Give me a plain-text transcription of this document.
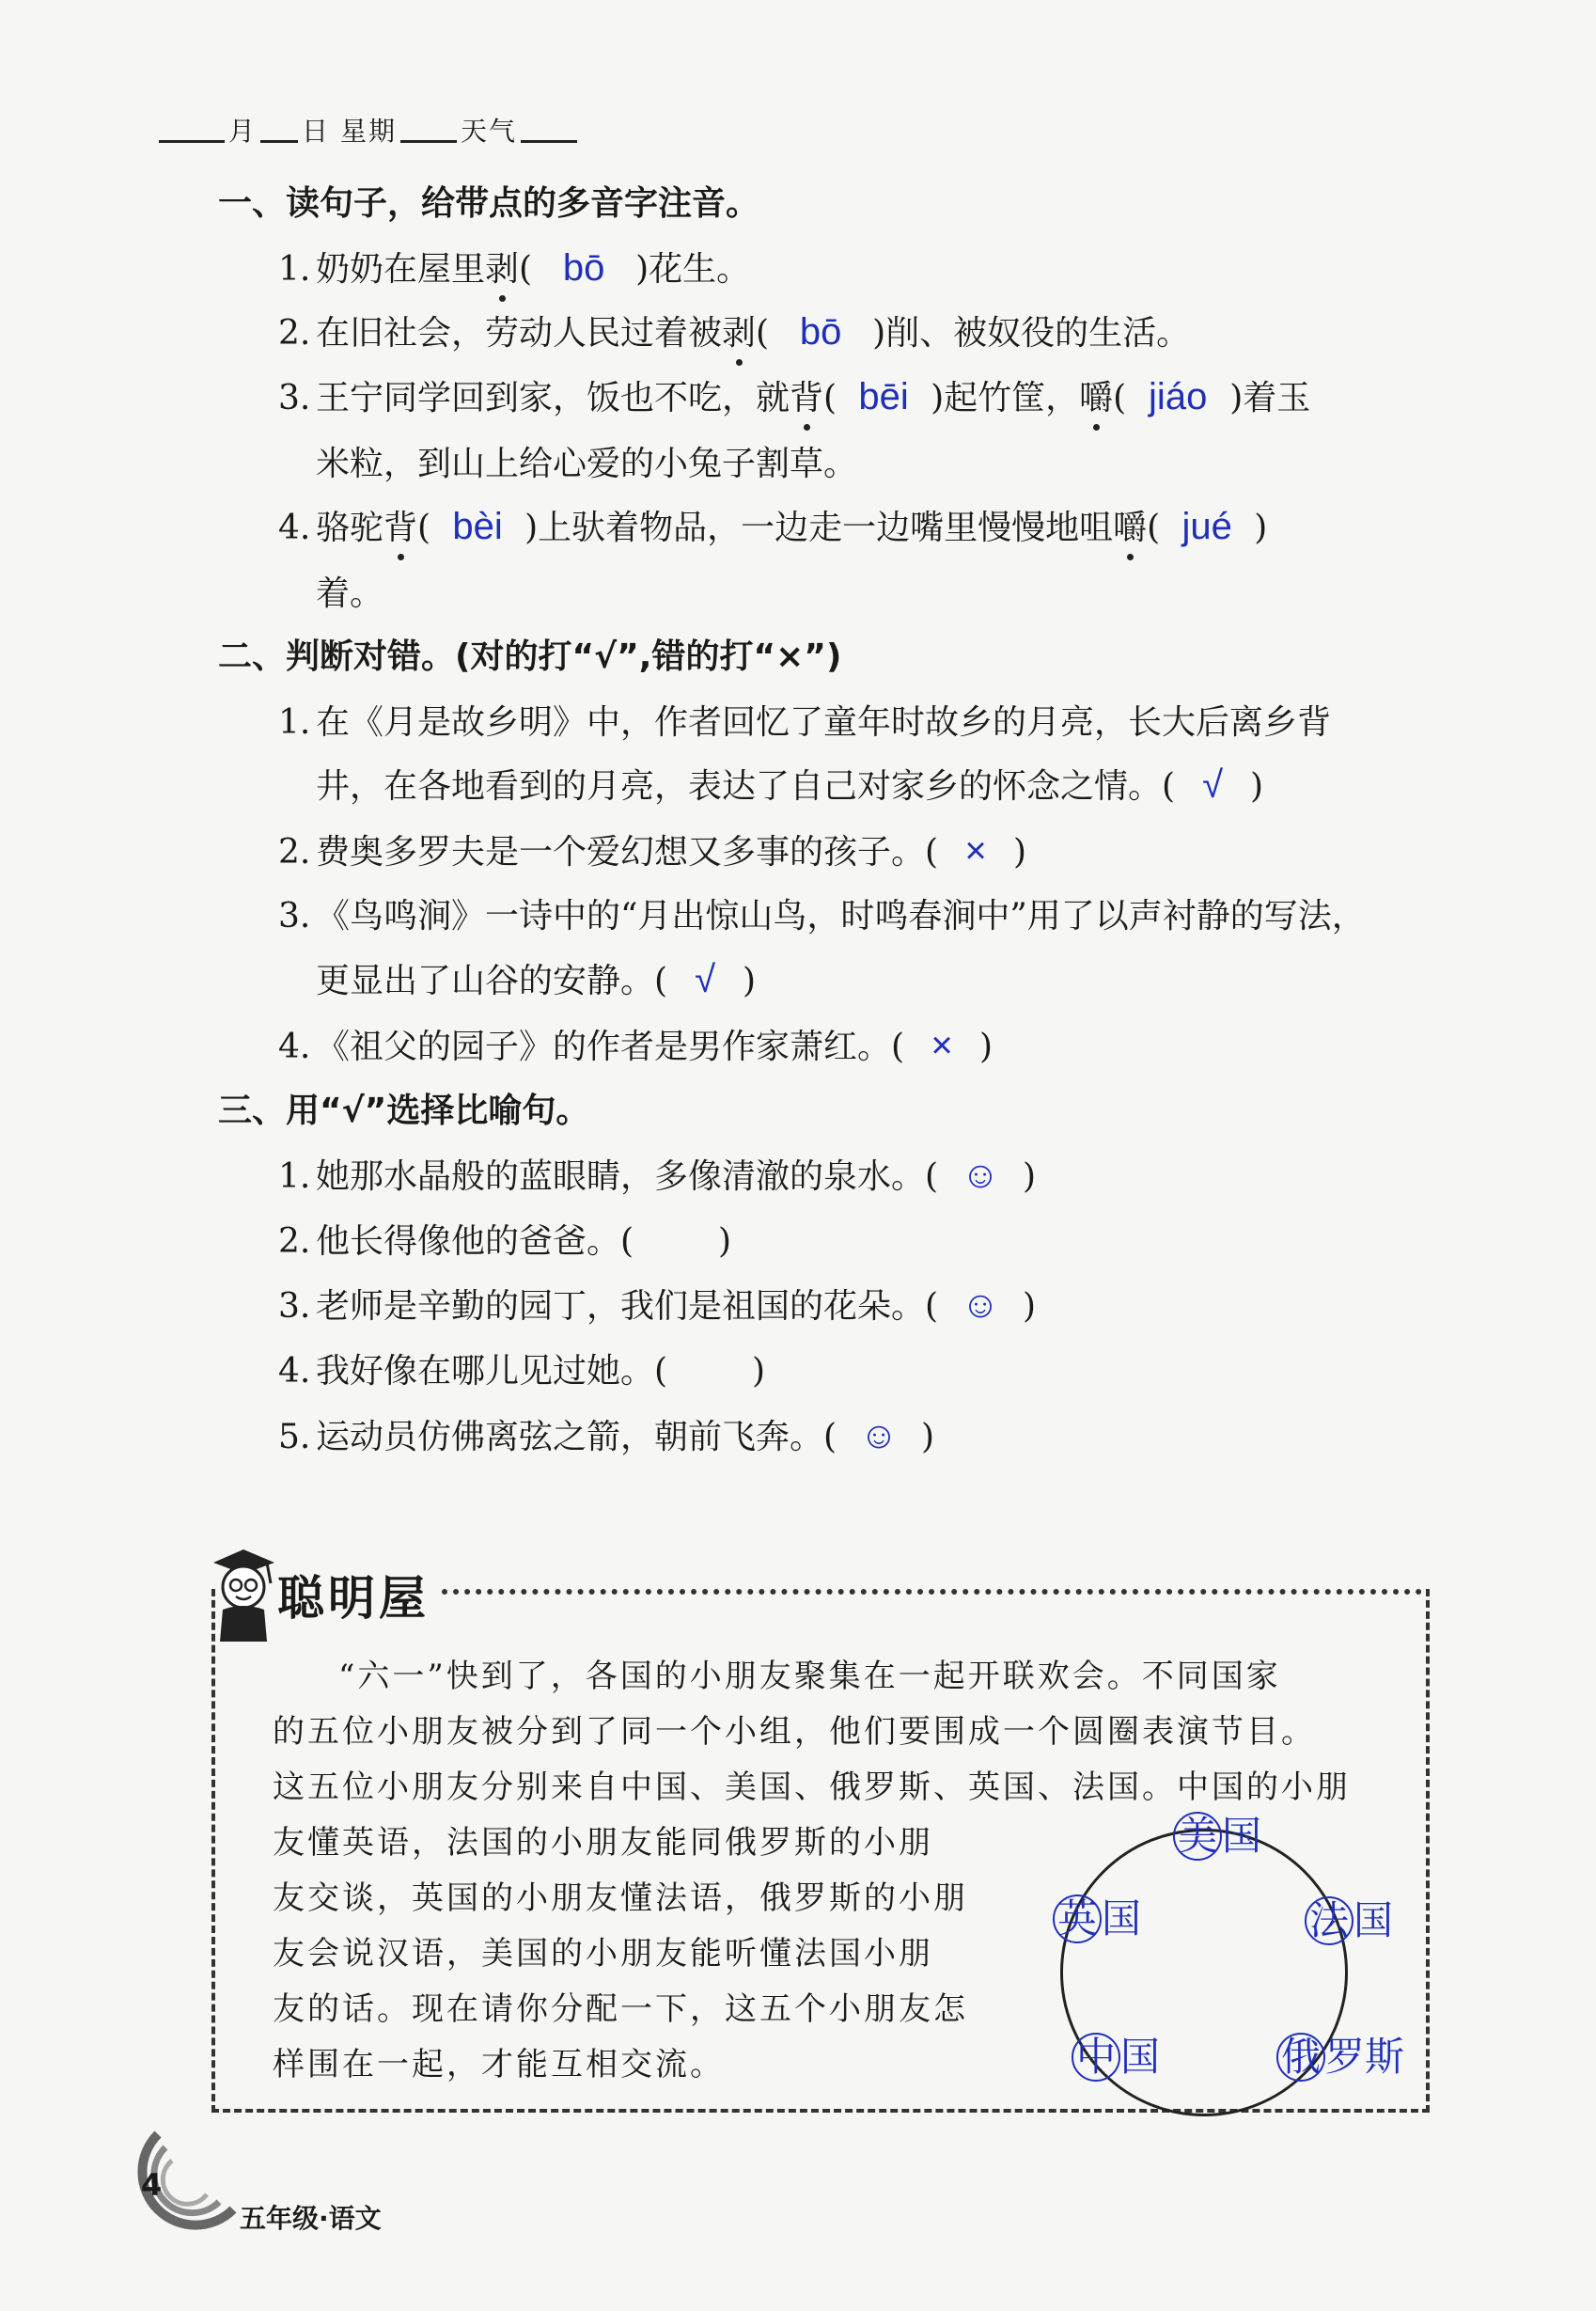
月 日 星期 天气
一、读句子，给带点的多音字注音。
1. 奶奶在屋里剥( bō )花生。
2. 在旧社会，劳动人民过着被剥( bō )削、被奴役的生活。
3. 王宁同学回到家，饭也不吃，就背( bēi )起竹筐，嚼( jiáo )着玉
米粒，到山上给心爱的小兔子割草。
4. 骆驼背( bèi )上驮着物品，一边走一边嘴里慢慢地咀嚼( jué )
着。
二、判断对错。(对的打“√”,错的打“×”)
1. 在《月是故乡明》中，作者回忆了童年时故乡的月亮，长大后离乡背
井，在各地看到的月亮，表达了自己对家乡的怀念之情。( √ )
2. 费奥多罗夫是一个爱幻想又多事的孩子。( × )
3. 《鸟鸣涧》一诗中的“月出惊山鸟，时鸣春涧中”用了以声衬静的写法，
更显出了山谷的安静。( √ )
4. 《祖父的园子》的作者是男作家萧红。( × )
三、用“√”选择比喻句。
1. 她那水晶般的蓝眼睛，多像清澈的泉水。( ☺ )
2. 他长得像他的爸爸。(	)
3. 老师是辛勤的园丁，我们是祖国的花朵。( ☺ )
4. 我好像在哪儿见过她。(	)
5. 运动员仿佛离弦之箭，朝前飞奔。( ☺ )
聪明屋
“六一”快到了，各国的小朋友聚集在一起开联欢会。不同国家
的五位小朋友被分到了同一个小组，他们要围成一个圆圈表演节目。
这五位小朋友分别来自中国、美国、俄罗斯、英国、法国。中国的小朋
友懂英语，法国的小朋友能同俄罗斯的小朋
友交谈，英国的小朋友懂法语，俄罗斯的小朋
友会说汉语，美国的小朋友能听懂法国小朋
友的话。现在请你分配一下，这五个小朋友怎
样围在一起，才能互相交流。
美 国
英 国	法 国
中 国	俄 罗斯
4
五年级·语文
